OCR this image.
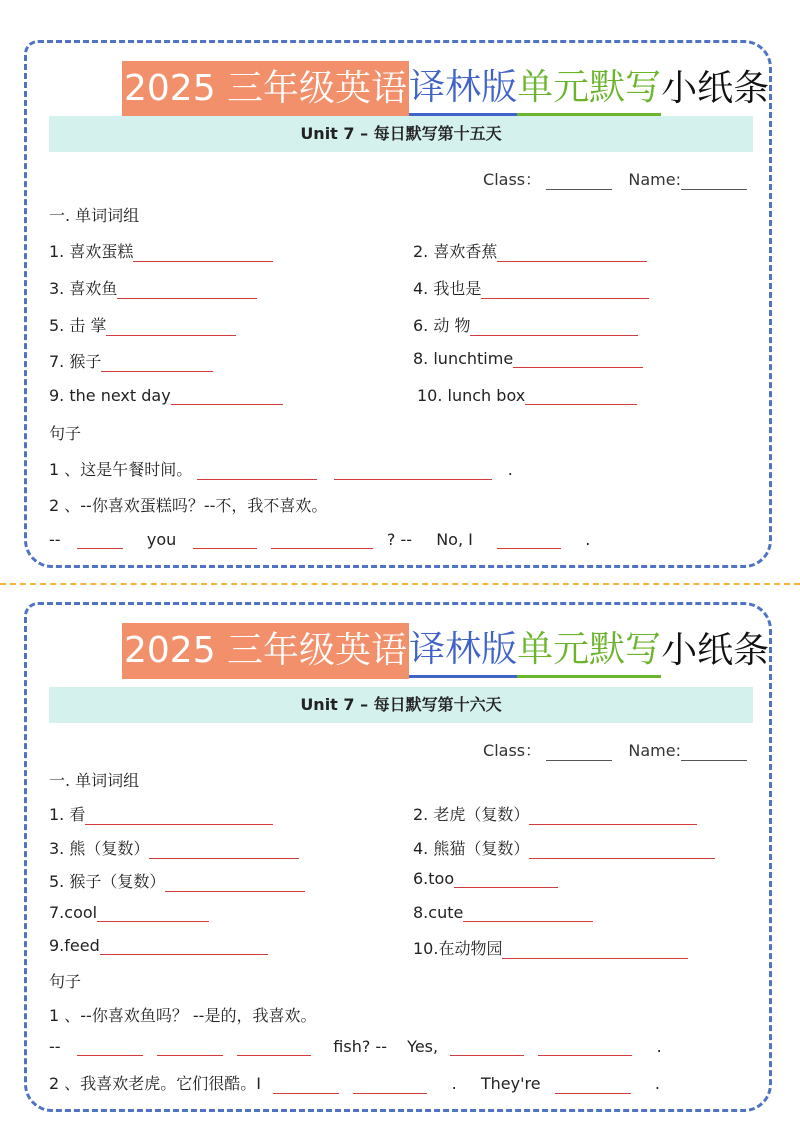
2025 三年级英语 译林版 单元默写 小纸条
Unit 7 – 每日默写第十五天
Class：	Name:
一. 单词词组
1. 喜欢蛋糕	2. 喜欢香蕉
3. 喜欢鱼	4. 我也是
5. 击 掌	6. 动 物
7. 猴子	8. lunchtime
9. the next day	10. lunch box
句子
1 、这是午餐时间。	.
2 、--你喜欢蛋糕吗？--不，我不喜欢。
--	you	? -- No, I	.
2025 三年级英语 译林版 单元默写 小纸条
Unit 7 – 每日默写第十六天
Class：	Name:
一. 单词词组
1. 看	2. 老虎（复数）
3. 熊（复数）	4. 熊猫（复数）
5. 猴子（复数）	6.too
7.cool	8.cute
9.feed	10.在动物园
句子
1 、--你喜欢鱼吗？ --是的，我喜欢。
--	fish? -- Yes,	.
2 、我喜欢老虎。它们很酷。I	. They're	.
